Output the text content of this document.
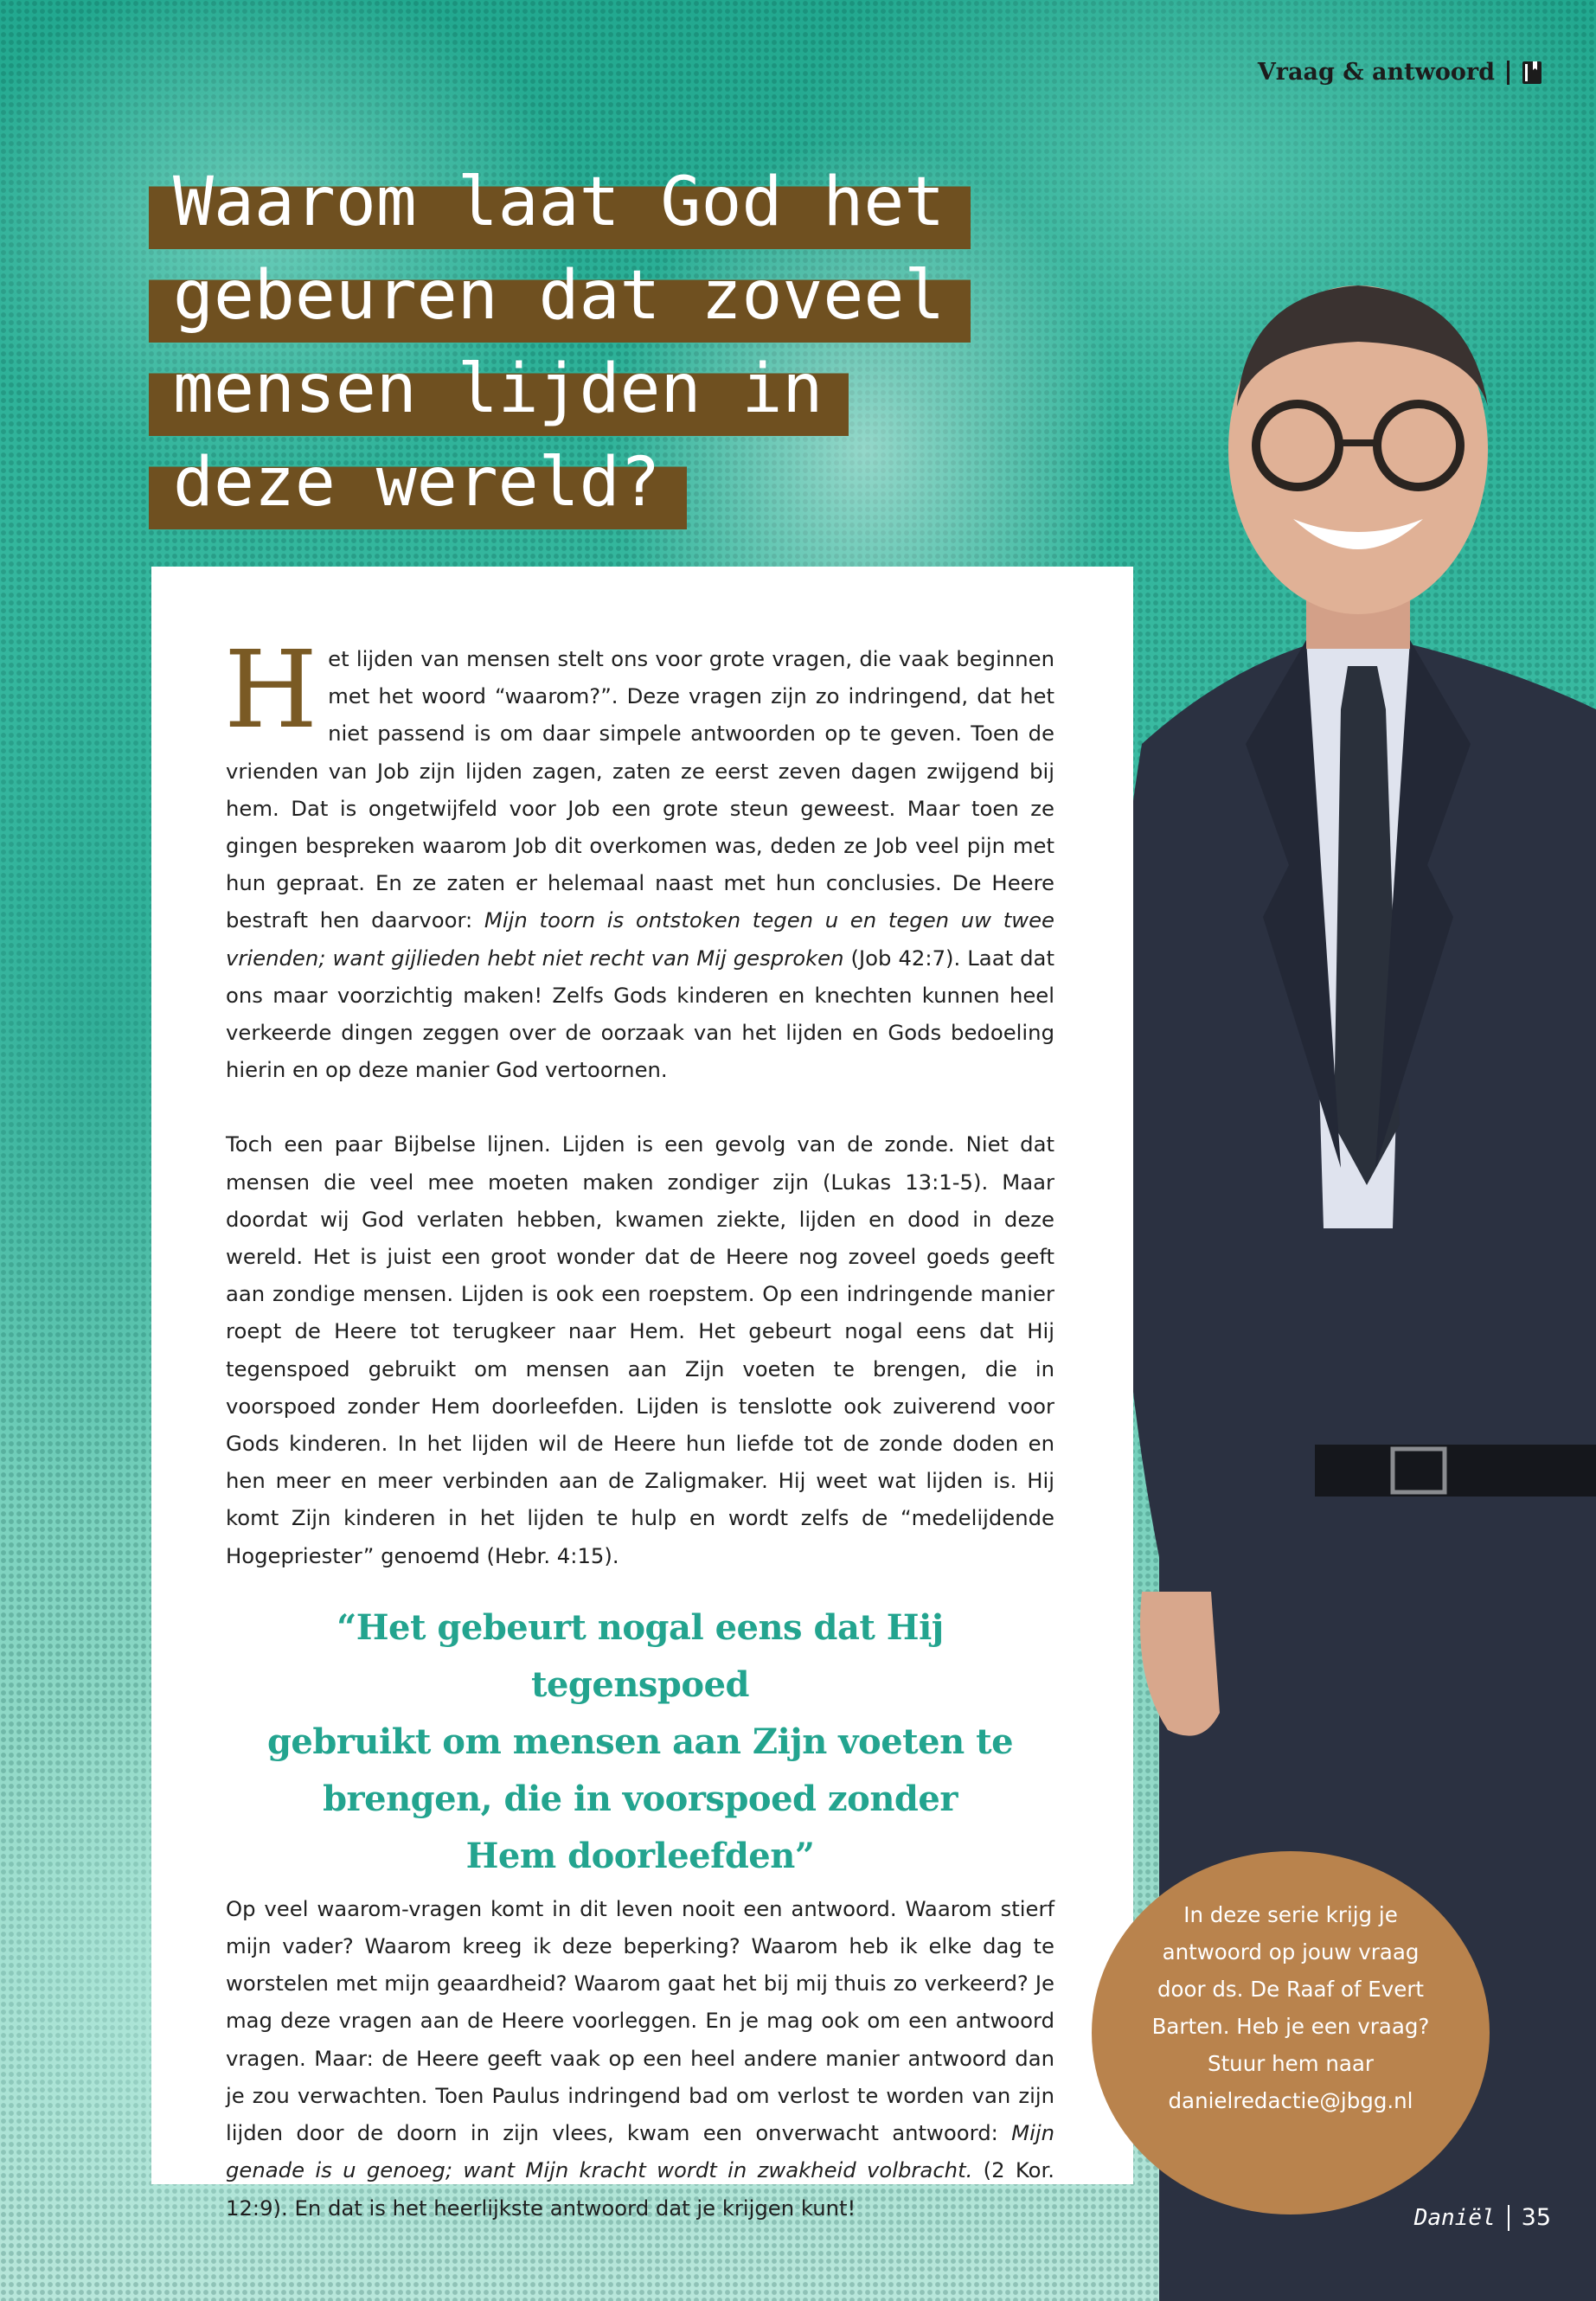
Vraag & antwoord
Waarom laat God het
gebeuren dat zoveel
mensen lijden in
deze wereld?

Het lijden van mensen stelt ons voor grote vragen, die vaak beginnen met het woord “waarom?”. Deze vragen zijn zo indringend, dat het niet passend is om daar simpele antwoorden op te geven. Toen de vrienden van Job zijn lijden zagen, zaten ze eerst zeven dagen zwijgend bij hem. Dat is ongetwijfeld voor Job een grote steun geweest. Maar toen ze gingen bespreken waarom Job dit overkomen was, deden ze Job veel pijn met hun gepraat. En ze zaten er helemaal naast met hun conclusies. De Heere bestraft hen daarvoor: Mijn toorn is ontstoken tegen u en tegen uw twee vrienden; want gijlieden hebt niet recht van Mij gesproken (Job 42:7). Laat dat ons maar voorzichtig maken! Zelfs Gods kinderen en knechten kunnen heel verkeerde dingen zeggen over de oorzaak van het lijden en Gods bedoeling hierin en op deze manier God vertoornen.

Toch een paar Bijbelse lijnen. Lijden is een gevolg van de zonde. Niet dat mensen die veel mee moeten maken zondiger zijn (Lukas 13:1-5). Maar doordat wij God verlaten hebben, kwamen ziekte, lijden en dood in deze wereld. Het is juist een groot wonder dat de Heere nog zoveel goeds geeft aan zondige mensen. Lijden is ook een roepstem. Op een indringende manier roept de Heere tot terugkeer naar Hem. Het gebeurt nogal eens dat Hij tegenspoed gebruikt om mensen aan Zijn voeten te brengen, die in voorspoed zonder Hem doorleefden. Lijden is tenslotte ook zuiverend voor Gods kinderen. In het lijden wil de Heere hun liefde tot de zonde doden en hen meer en meer verbinden aan de Zaligmaker. Hij weet wat lijden is. Hij komt Zijn kinderen in het lijden te hulp en wordt zelfs de “medelijdende Hogepriester” genoemd (Hebr. 4:15).

“Het gebeurt nogal eens dat Hij tegenspoed
gebruikt om mensen aan Zijn voeten te
brengen, die in voorspoed zonder
Hem doorleefden”

Op veel waarom-vragen komt in dit leven nooit een antwoord. Waarom stierf mijn vader? Waarom kreeg ik deze beperking? Waarom heb ik elke dag te worstelen met mijn geaardheid? Waarom gaat het bij mij thuis zo verkeerd? Je mag deze vragen aan de Heere voorleggen. En je mag ook om een antwoord vragen. Maar: de Heere geeft vaak op een heel andere manier antwoord dan je zou verwachten. Toen Paulus indringend bad om verlost te worden van zijn lijden door de doorn in zijn vlees, kwam een onverwacht antwoord: Mijn genade is u genoeg; want Mijn kracht wordt in zwakheid volbracht. (2 Kor. 12:9). En dat is het heerlijkste antwoord dat je krijgen kunt!

In deze serie krijg je antwoord op jouw vraag door ds. De Raaf of Evert Barten. Heb je een vraag? Stuur hem naar danielredactie@jbgg.nl
Daniël 35
